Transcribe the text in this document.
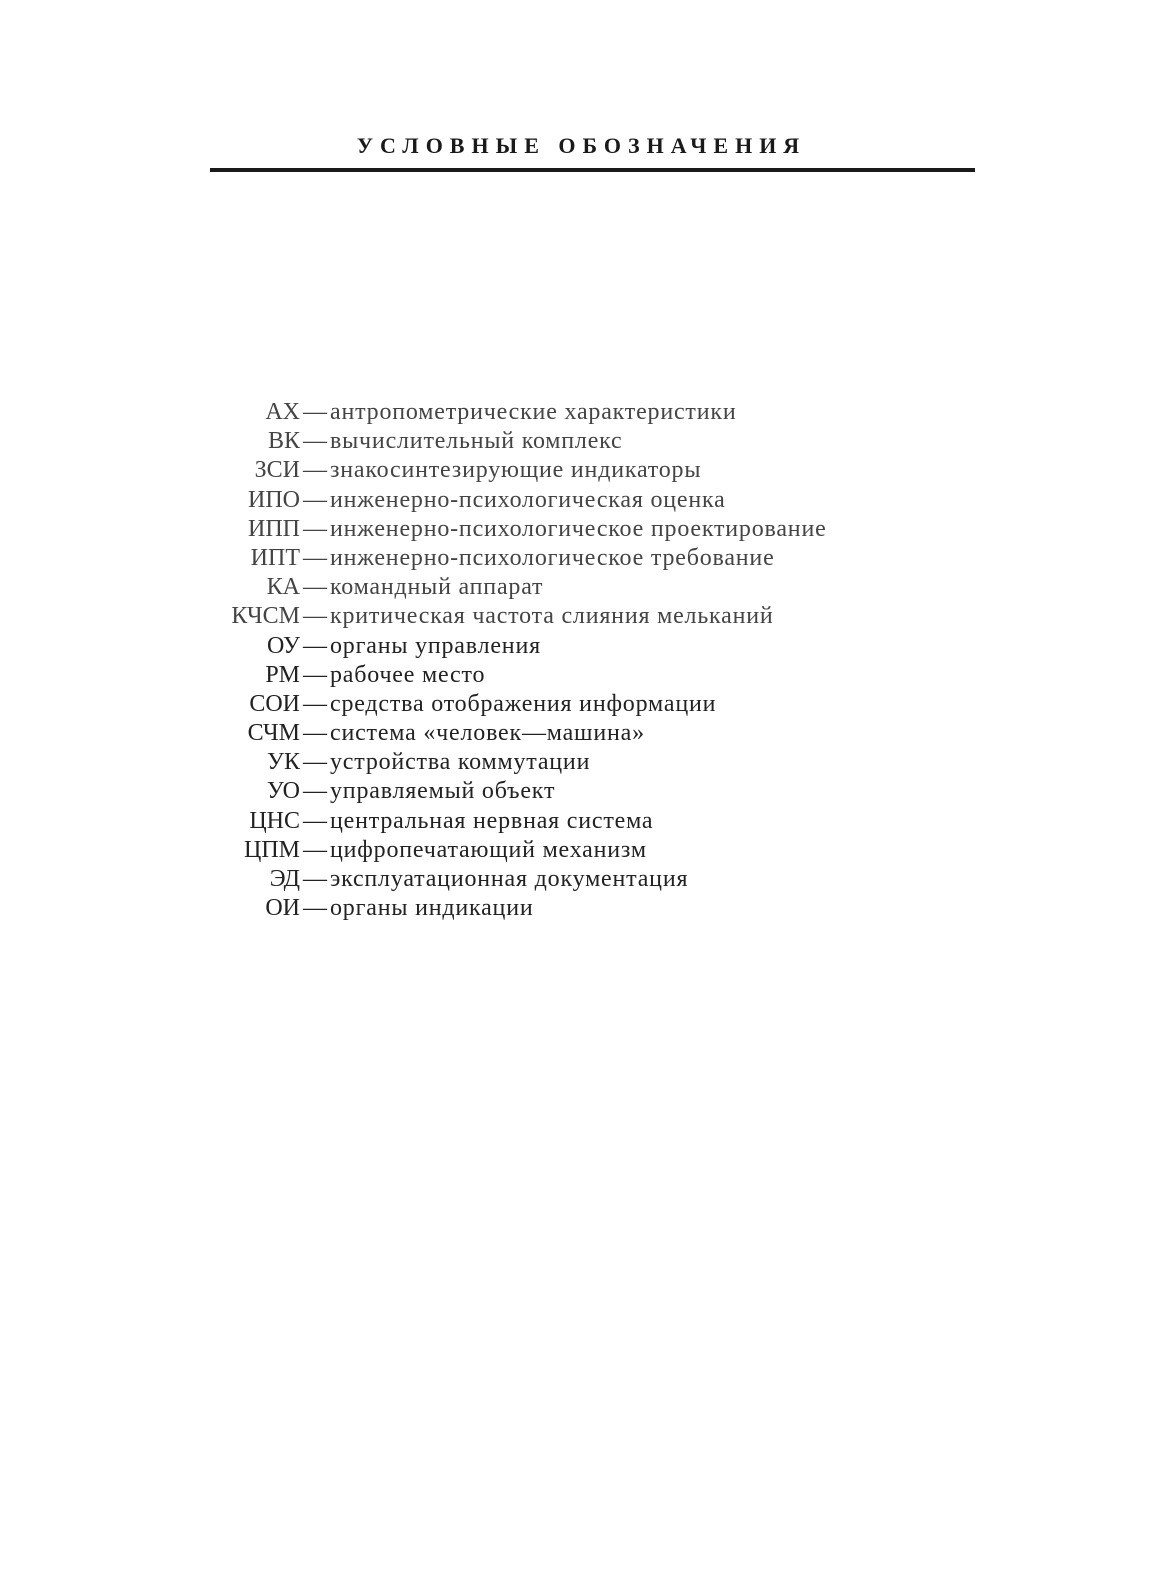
УСЛОВНЫЕ ОБОЗНАЧЕНИЯ
АХ — антропометрические характеристики
ВК — вычислительный комплекс
ЗСИ — знакосинтезирующие индикаторы
ИПО — инженерно-психологическая оценка
ИПП — инженерно-психологическое проектирование
ИПТ — инженерно-психологическое требование
КА — командный аппарат
КЧСМ — критическая частота слияния мельканий
ОУ — органы управления
РМ — рабочее место
СОИ — средства отображения информации
СЧМ — система «человек—машина»
УК — устройства коммутации
УО — управляемый объект
ЦНС — центральная нервная система
ЦПМ — цифропечатающий механизм
ЭД — эксплуатационная документация
ОИ — органы индикации
